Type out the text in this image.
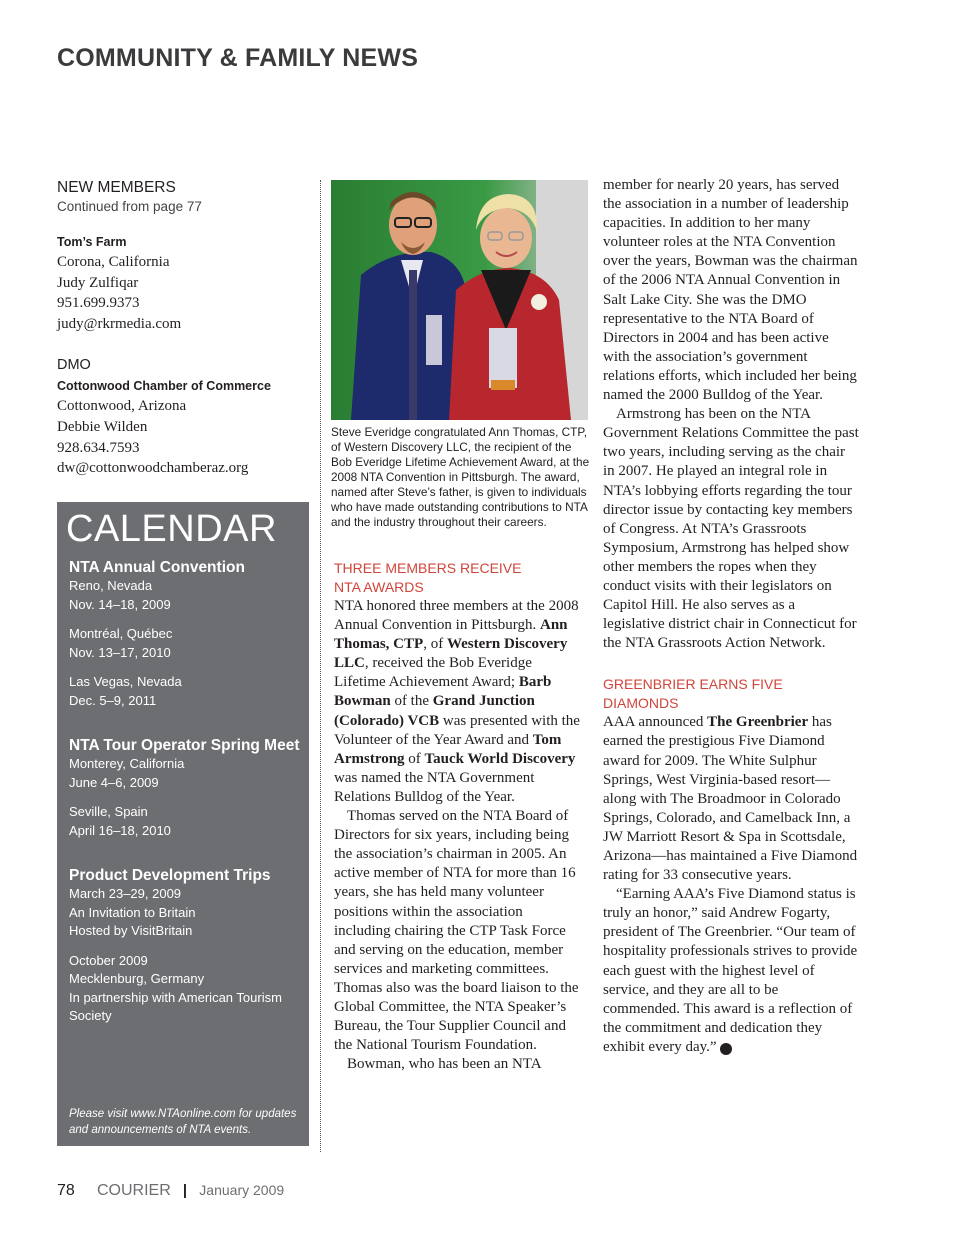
COMMUNITY & FAMILY NEWS
NEW MEMBERS
Continued from page 77
Tom’s Farm
Corona, California
Judy Zulfiqar
951.699.9373
judy@rkrmedia.com
DMO
Cottonwood Chamber of Commerce
Cottonwood, Arizona
Debbie Wilden
928.634.7593
dw@cottonwoodchamberaz.org
CALENDAR
NTA Annual Convention
Reno, Nevada
Nov. 14–18, 2009
Montréal, Québec
Nov. 13–17, 2010
Las Vegas, Nevada
Dec. 5–9, 2011
NTA Tour Operator Spring Meet
Monterey, California
June 4–6, 2009
Seville, Spain
April 16–18, 2010
Product Development Trips
March 23–29, 2009
An Invitation to Britain
Hosted by VisitBritain
October 2009
Mecklenburg, Germany
In partnership with American Tourism
Society
Please visit www.NTAonline.com for updates and announcements of NTA events.
Steve Everidge congratulated Ann Thomas, CTP, of Western Discovery LLC, the recipient of the Bob Everidge Lifetime Achievement Award, at the 2008 NTA Convention in Pittsburgh. The award, named after Steve’s father, is given to individuals who have made outstanding contributions to NTA and the industry throughout their careers.
THREE MEMBERS RECEIVE
NTA AWARDS

NTA honored three members at the 2008 Annual Convention in Pittsburgh. Ann Thomas, CTP, of Western Discovery LLC, received the Bob Everidge Lifetime Achievement Award; Barb Bowman of the Grand Junction (Colorado) VCB was presented with the Volunteer of the Year Award and Tom Armstrong of Tauck World Discovery was named the NTA Government Relations Bulldog of the Year.

Thomas served on the NTA Board of Directors for six years, including being the association’s chairman in 2005. An active member of NTA for more than 16 years, she has held many volunteer positions within the association including chairing the CTP Task Force and serving on the education, member services and marketing committees. Thomas also was the board liaison to the Global Committee, the NTA Speaker’s Bureau, the Tour Supplier Council and the National Tourism Foundation.

Bowman, who has been an NTA

member for nearly 20 years, has served the association in a number of leadership capacities. In addition to her many volunteer roles at the NTA Convention over the years, Bowman was the chairman of the 2006 NTA Annual Convention in Salt Lake City. She was the DMO representative to the NTA Board of Directors in 2004 and has been active with the association’s government relations efforts, which included her being named the 2000 Bulldog of the Year.

Armstrong has been on the NTA Government Relations Committee the past two years, including serving as the chair in 2007. He played an integral role in NTA’s lobbying efforts regarding the tour director issue by contacting key members of Congress. At NTA’s Grassroots Symposium, Armstrong has helped show other members the ropes when they conduct visits with their legislators on Capitol Hill. He also serves as a legislative district chair in Connecticut for the NTA Grassroots Action Network.

GREENBRIER EARNS FIVE
DIAMONDS

AAA announced The Greenbrier has earned the prestigious Five Diamond award for 2009. The White Sulphur Springs, West Virginia-based resort—along with The Broadmoor in Colorado Springs, Colorado, and Camelback Inn, a JW Marriott Resort & Spa in Scottsdale, Arizona—has maintained a Five Diamond rating for 33 consecutive years.

“Earning AAA’s Five Diamond status is truly an honor,” said Andrew Fogarty, president of The Greenbrier. “Our team of hospitality professionals strives to provide each guest with the highest level of service, and they are all to be commended. This award is a reflection of the commitment and dedication they exhibit every day.” C

78 COURIER | January 2009
